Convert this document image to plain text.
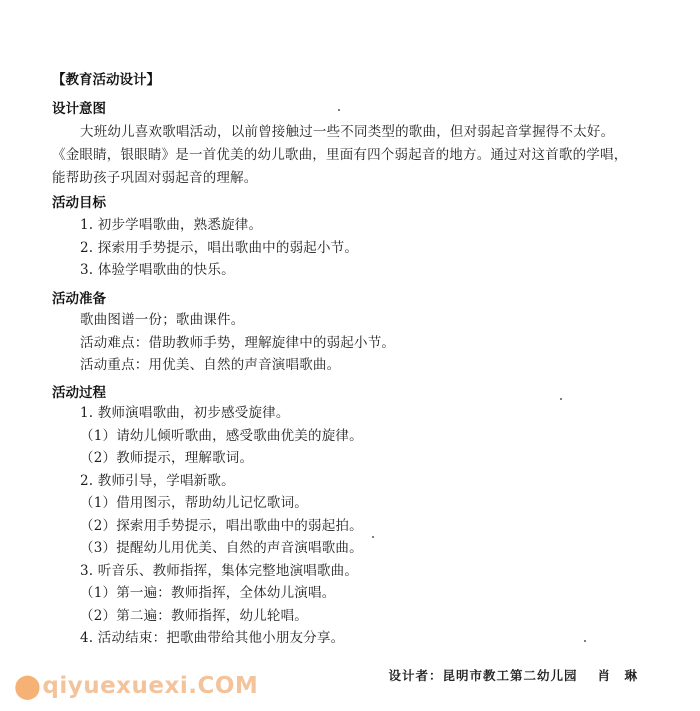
【教育活动设计】
设计意图
大班幼儿喜欢歌唱活动，以前曾接触过一些不同类型的歌曲，但对弱起音掌握得不太好。
《金眼睛，银眼睛》是一首优美的幼儿歌曲，里面有四个弱起音的地方。通过对这首歌的学唱，
能帮助孩子巩固对弱起音的理解。
活动目标
1. 初步学唱歌曲，熟悉旋律。
2. 探索用手势提示，唱出歌曲中的弱起小节。
3. 体验学唱歌曲的快乐。
活动准备
歌曲图谱一份；歌曲课件。
活动难点：借助教师手势，理解旋律中的弱起小节。
活动重点：用优美、自然的声音演唱歌曲。
活动过程
1. 教师演唱歌曲，初步感受旋律。
（1）请幼儿倾听歌曲，感受歌曲优美的旋律。
（2）教师提示，理解歌词。
2. 教师引导，学唱新歌。
（1）借用图示，帮助幼儿记忆歌词。
（2）探索用手势提示，唱出歌曲中的弱起拍。
（3）提醒幼儿用优美、自然的声音演唱歌曲。
3. 听音乐、教师指挥，集体完整地演唱歌曲。
（1）第一遍：教师指挥，全体幼儿演唱。
（2）第二遍：教师指挥，幼儿轮唱。
4. 活动结束：把歌曲带给其他小朋友分享。
设计者：昆明市教工第二幼儿园 肖　琳
⬤ qiyuexuexi.COM
